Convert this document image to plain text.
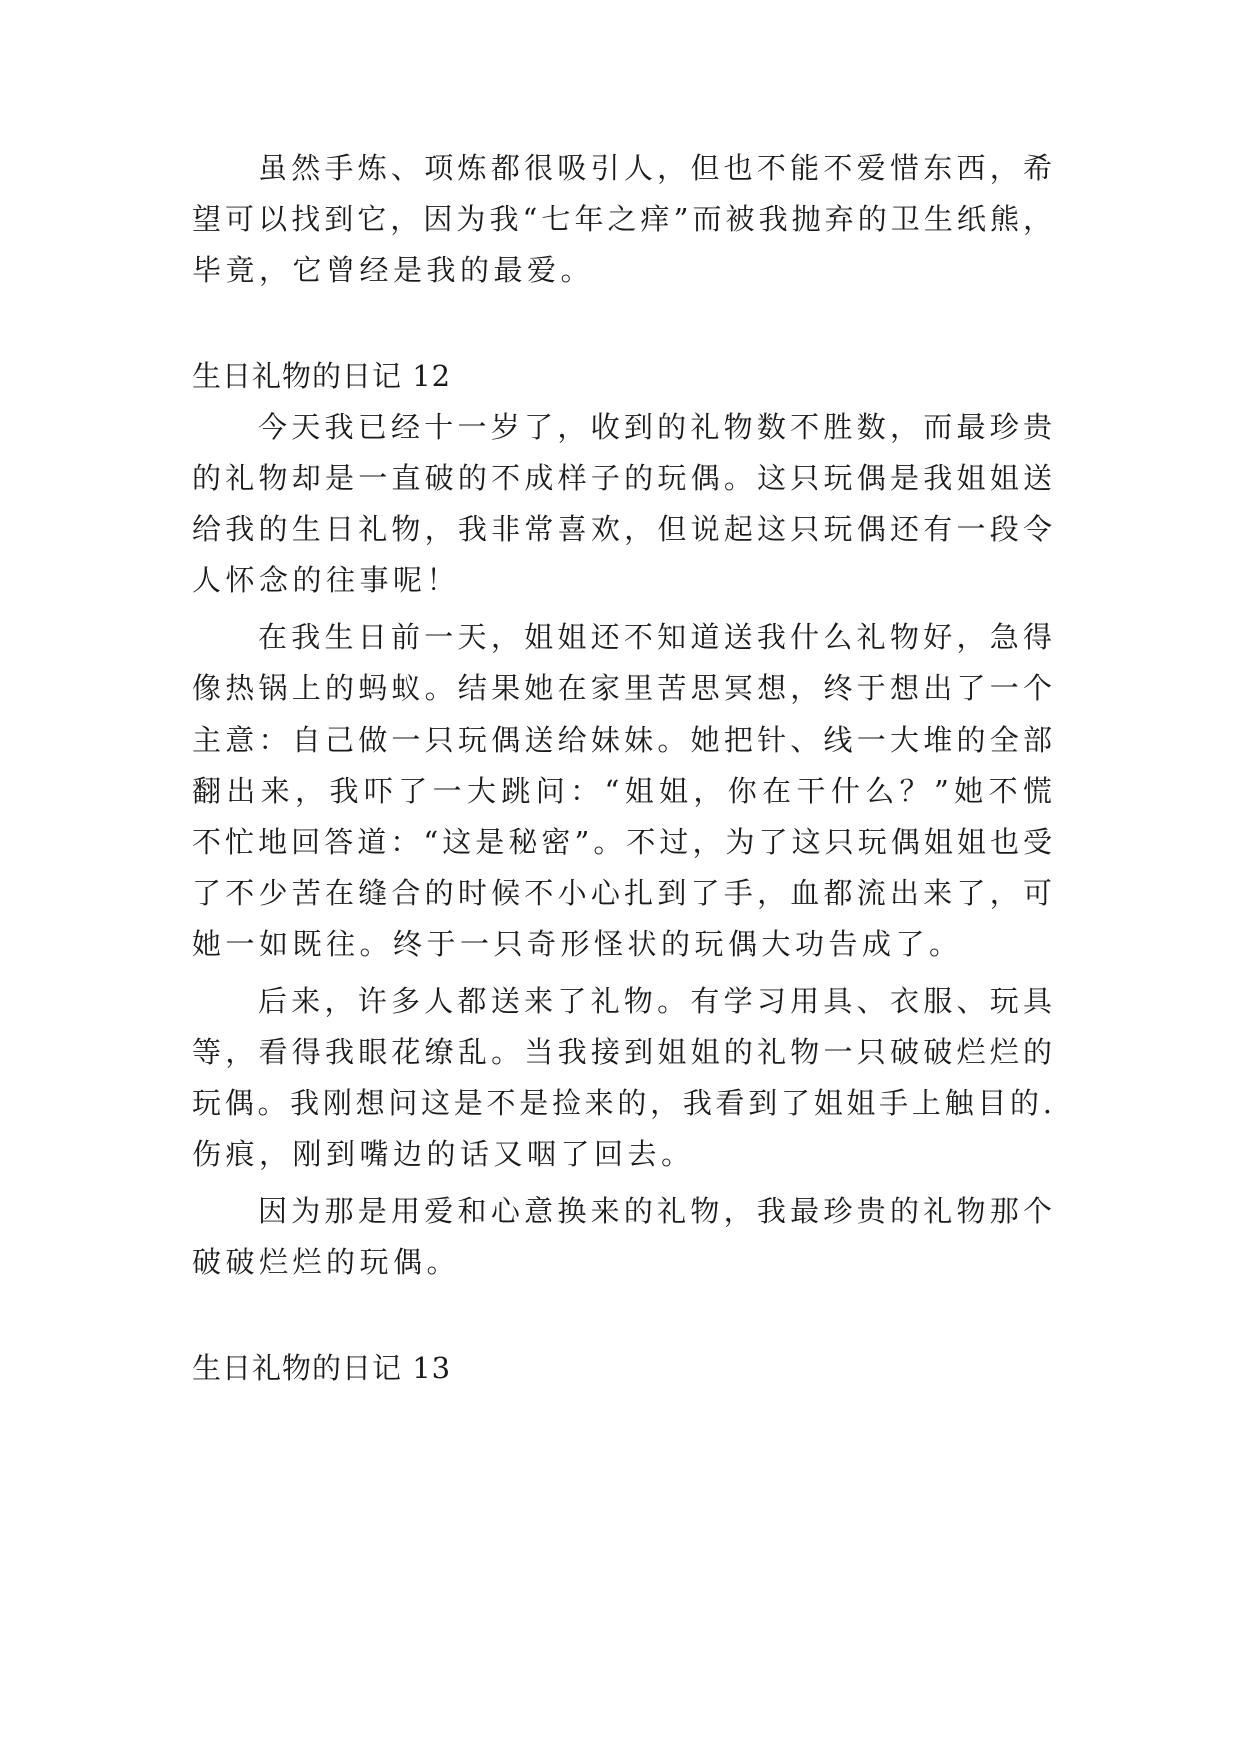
虽然手炼、项炼都很吸引人，但也不能不爱惜东西，希
望可以找到它，因为我“七年之痒”而被我抛弃的卫生纸熊，
毕竟，它曾经是我的最爱。
生日礼物的日记 12
今天我已经十一岁了，收到的礼物数不胜数，而最珍贵
的礼物却是一直破的不成样子的玩偶。这只玩偶是我姐姐送
给我的生日礼物，我非常喜欢，但说起这只玩偶还有一段令
人怀念的往事呢！
在我生日前一天，姐姐还不知道送我什么礼物好，急得
像热锅上的蚂蚁。结果她在家里苦思冥想，终于想出了一个
主意：自己做一只玩偶送给妹妹。她把针、线一大堆的全部
翻出来，我吓了一大跳问：“姐姐，你在干什么？”她不慌
不忙地回答道：“这是秘密”。不过，为了这只玩偶姐姐也受
了不少苦在缝合的时候不小心扎到了手，血都流出来了，可
她一如既往。终于一只奇形怪状的玩偶大功告成了。
后来，许多人都送来了礼物。有学习用具、衣服、玩具
等，看得我眼花缭乱。当我接到姐姐的礼物一只破破烂烂的
玩偶。我刚想问这是不是捡来的，我看到了姐姐手上触目的.
伤痕，刚到嘴边的话又咽了回去。
因为那是用爱和心意换来的礼物，我最珍贵的礼物那个
破破烂烂的玩偶。
生日礼物的日记 13
